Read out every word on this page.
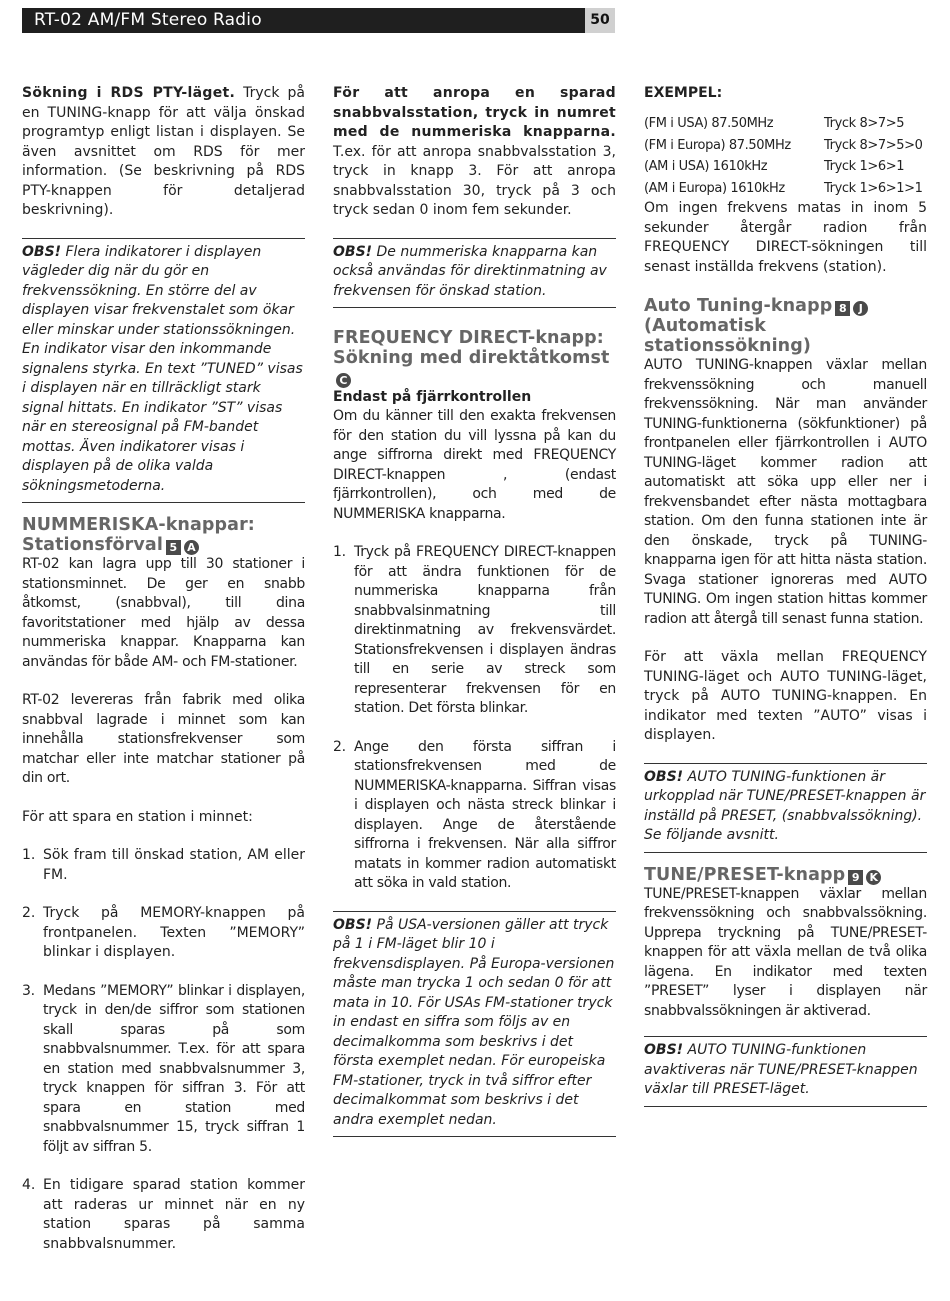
RT-02 AM/FM Stereo Radio	50

Sökning i RDS PTY-läget. Tryck på en TUNING-knapp för att välja önskad programtyp enligt listan i displayen. Se även avsnittet om RDS för mer information. (Se beskrivning på RDS PTY-knappen för detaljerad beskrivning).

OBS! Flera indikatorer i displayen vägleder dig när du gör en frekvenssökning. En större del av displayen visar frekvenstalet som ökar eller minskar under stationssökningen. En indikator visar den inkommande signalens styrka. En text ”TUNED” visas i displayen när en tillräckligt stark signal hittats. En indikator ”ST” visas när en stereosignal på FM-bandet mottas. Även indikatorer visas i displayen på de olika valda sökningsmetoderna.

NUMMERISKA-knappar:
Stationsförval 5 A

RT-02 kan lagra upp till 30 stationer i stationsminnet. De ger en snabb åtkomst, (snabbval), till dina favoritstationer med hjälp av dessa nummeriska knappar. Knapparna kan användas för både AM- och FM-stationer.

RT-02 levereras från fabrik med olika snabbval lagrade i minnet som kan innehålla stationsfrekvenser som matchar eller inte matchar stationer på din ort.

För att spara en station i minnet:

1. Sök fram till önskad station, AM eller FM.
2. Tryck på MEMORY-knappen på frontpanelen. Texten ”MEMORY” blinkar i displayen.
3. Medans ”MEMORY” blinkar i displayen, tryck in den/de siffror som stationen skall sparas på som snabbvalsnummer. T.ex. för att spara en station med snabbvalsnummer 3, tryck knappen för siffran 3. För att spara en station med snabbvalsnummer 15, tryck siffran 1 följt av siffran 5.
4. En tidigare sparad station kommer att raderas ur minnet när en ny station sparas på samma snabbvalsnummer.

För att anropa en sparad snabbvalsstation, tryck in numret med de nummeriska knapparna. T.ex. för att anropa snabbvalsstation 3, tryck in knapp 3. För att anropa snabbvalsstation 30, tryck på 3 och tryck sedan 0 inom fem sekunder.

OBS! De nummeriska knapparna kan också användas för direktinmatning av frekvensen för önskad station.

FREQUENCY DIRECT-knapp:
Sökning med direktåtkomstC
Endast på fjärrkontrollen

Om du känner till den exakta frekvensen för den station du vill lyssna på kan du ange siffrorna direkt med FREQUENCY DIRECT-knappen , (endast fjärrkontrollen), och med de NUMMERISKA knapparna.

1. Tryck på FREQUENCY DIRECT-knappen för att ändra funktionen för de nummeriska knapparna från snabbvalsinmatning till direktinmatning av frekvensvärdet. Stationsfrekvensen i displayen ändras till en serie av streck som representerar frekvensen för en station. Det första blinkar.
2. Ange den första siffran i stationsfrekvensen med de NUMMERISKA-knapparna. Siffran visas i displayen och nästa streck blinkar i displayen. Ange de återstående siffrorna i frekvensen. När alla siffror matats in kommer radion automatiskt att söka in vald station.

OBS! På USA-versionen gäller att tryck på 1 i FM-läget blir 10 i frekvensdisplayen. På Europa-versionen måste man trycka 1 och sedan 0 för att mata in 10. För USAs FM-stationer tryck in endast en siffra som följs av en decimalkomma som beskrivs i det första exemplet nedan. För europeiska FM-stationer, tryck in två siffror efter decimalkommat som beskrivs i det andra exemplet nedan.

EXEMPEL:
(FM i USA) 87.50MHz	Tryck 8>7>5
(FM i Europa) 87.50MHz	Tryck 8>7>5>0
(AM i USA) 1610kHz	Tryck 1>6>1
(AM i Europa) 1610kHz	Tryck 1>6>1>1

Om ingen frekvens matas in inom 5 sekunder återgår radion från FREQUENCY DIRECT-sökningen till senast inställda frekvens (station).

Auto Tuning-knapp 8 J
(Automatisk stationssökning)

AUTO TUNING-knappen växlar mellan frekvenssökning och manuell frekvenssökning. När man använder TUNING-funktionerna (sökfunktioner) på frontpanelen eller fjärrkontrollen i AUTO TUNING-läget kommer radion att automatiskt att söka upp eller ner i frekvensbandet efter nästa mottagbara station. Om den funna stationen inte är den önskade, tryck på TUNING-knapparna igen för att hitta nästa station. Svaga stationer ignoreras med AUTO TUNING. Om ingen station hittas kommer radion att återgå till senast funna station.

För att växla mellan FREQUENCY TUNING-läget och AUTO TUNING-läget, tryck på AUTO TUNING-knappen. En indikator med texten ”AUTO” visas i displayen.

OBS! AUTO TUNING-funktionen är urkopplad när TUNE/PRESET-knappen är inställd på PRESET, (snabbvalssökning). Se följande avsnitt.

TUNE/PRESET-knapp 9 K

TUNE/PRESET-knappen växlar mellan frekvenssökning och snabbvalssökning. Upprepa tryckning på TUNE/PRESET-knappen för att växla mellan de två olika lägena. En indikator med texten ”PRESET” lyser i displayen när snabbvalssökningen är aktiverad.

OBS! AUTO TUNING-funktionen avaktiveras när TUNE/PRESET-knappen växlar till PRESET-läget.
